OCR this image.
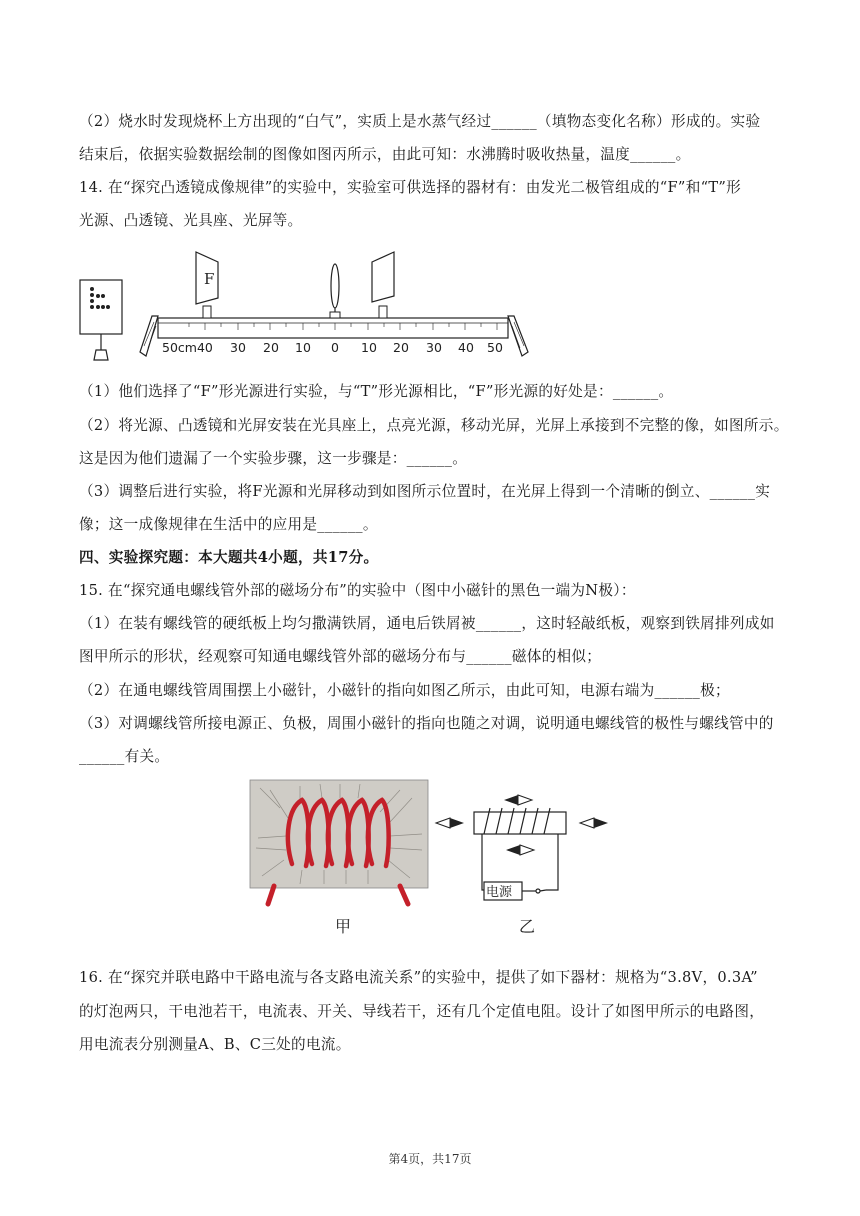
（2）烧水时发现烧杯上方出现的“白气”，实质上是水蒸气经过______（填物态变化名称）形成的。实验
结束后，依据实验数据绘制的图像如图丙所示，由此可知：水沸腾时吸收热量，温度______。
14. 在“探究凸透镜成像规律”的实验中，实验室可供选择的器材有：由发光二极管组成的“F”和“T”形
光源、凸透镜、光具座、光屏等。
F
50cm40 30 20 10 0 10 20 30 40 50
（1）他们选择了“F”形光源进行实验，与“T”形光源相比，“F”形光源的好处是：______。
（2）将光源、凸透镜和光屏安装在光具座上，点亮光源，移动光屏，光屏上承接到不完整的像，如图所示。
这是因为他们遗漏了一个实验步骤，这一步骤是：______。
（3）调整后进行实验，将F光源和光屏移动到如图所示位置时，在光屏上得到一个清晰的倒立、______实
像；这一成像规律在生活中的应用是______。
四、实验探究题：本大题共4小题，共17分。
15. 在“探究通电螺线管外部的磁场分布”的实验中（图中小磁针的黑色一端为N极）：
（1）在装有螺线管的硬纸板上均匀撒满铁屑，通电后铁屑被______，这时轻敲纸板，观察到铁屑排列成如
图甲所示的形状，经观察可知通电螺线管外部的磁场分布与______磁体的相似；
（2）在通电螺线管周围摆上小磁针，小磁针的指向如图乙所示，由此可知，电源右端为______极；
（3）对调螺线管所接电源正、负极，周围小磁针的指向也随之对调，说明通电螺线管的极性与螺线管中的
______有关。
电源
甲	乙
16. 在“探究并联电路中干路电流与各支路电流关系”的实验中，提供了如下器材：规格为“3.8V，0.3A”
的灯泡两只，干电池若干，电流表、开关、导线若干，还有几个定值电阻。设计了如图甲所示的电路图，
用电流表分别测量A、B、C三处的电流。
第4页，共17页
